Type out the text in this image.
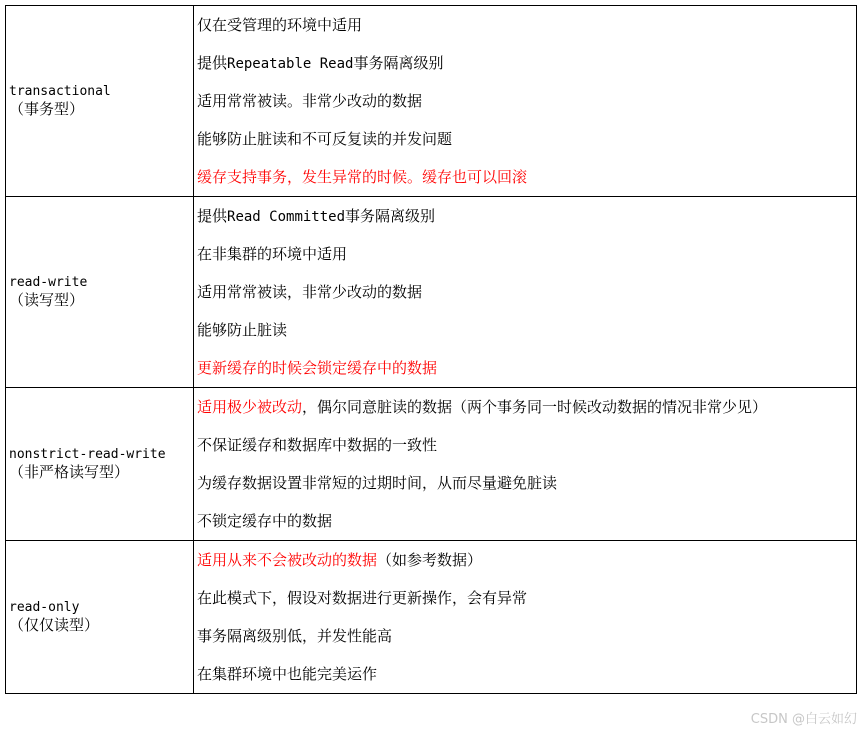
transactional
（事务型）	仅在受管理的环境中适用
提供Repeatable Read事务隔离级别
适用常常被读。非常少改动的数据
能够防止脏读和不可反复读的并发问题
缓存支持事务，发生异常的时候。缓存也可以回滚

read-write
（读写型）	提供Read Committed事务隔离级别
在非集群的环境中适用
适用常常被读，非常少改动的数据
能够防止脏读
更新缓存的时候会锁定缓存中的数据

nonstrict-read-write
（非严格读写型）	适用极少被改动，偶尔同意脏读的数据（两个事务同一时候改动数据的情况非常少见）
不保证缓存和数据库中数据的一致性
为缓存数据设置非常短的过期时间，从而尽量避免脏读
不锁定缓存中的数据

read-only
（仅仅读型）	适用从来不会被改动的数据（如参考数据）
在此模式下，假设对数据进行更新操作，会有异常
事务隔离级别低，并发性能高
在集群环境中也能完美运作
CSDN @白云如幻
